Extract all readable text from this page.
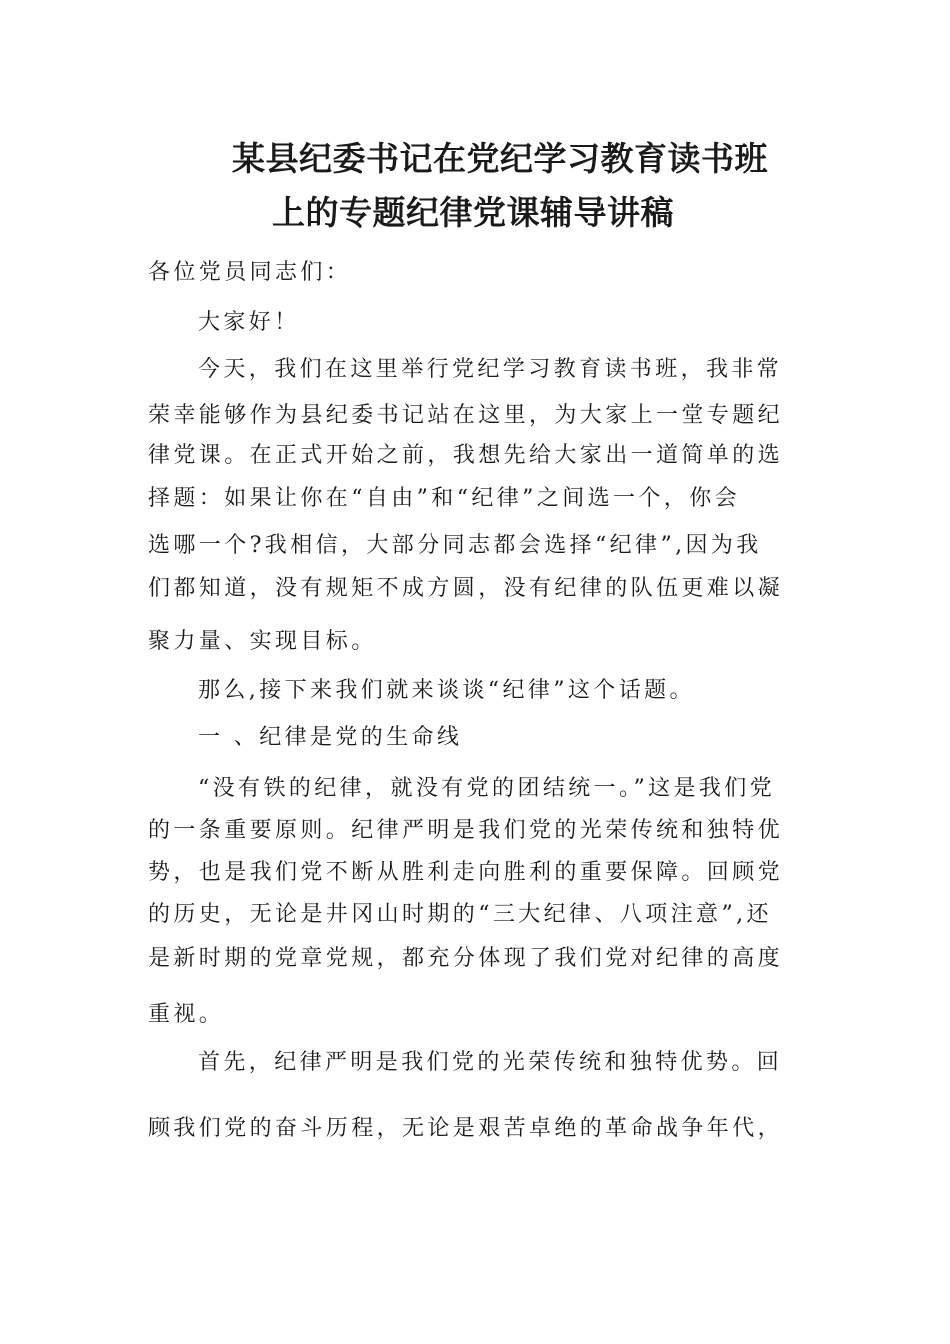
某县纪委书记在党纪学习教育读书班
上的专题纪律党课辅导讲稿
各位党员同志们：
大家好！
今天，我们在这里举行党纪学习教育读书班，我非常
荣幸能够作为县纪委书记站在这里，为大家上一堂专题纪
律党课。在正式开始之前，我想先给大家出一道简单的选
择题：如果让你在“自由”和“纪律”之间选一个，你会
选哪一个?我相信，大部分同志都会选择“纪律”,因为我
们都知道，没有规矩不成方圆，没有纪律的队伍更难以凝
聚力量、实现目标。
那么,接下来我们就来谈谈“纪律”这个话题。
一 、纪律是党的生命线
“没有铁的纪律，就没有党的团结统一。”这是我们党
的一条重要原则。纪律严明是我们党的光荣传统和独特优
势，也是我们党不断从胜利走向胜利的重要保障。回顾党
的历史，无论是井冈山时期的“三大纪律、八项注意”,还
是新时期的党章党规，都充分体现了我们党对纪律的高度
重视。
首先，纪律严明是我们党的光荣传统和独特优势。回
顾我们党的奋斗历程，无论是艰苦卓绝的革命战争年代，
